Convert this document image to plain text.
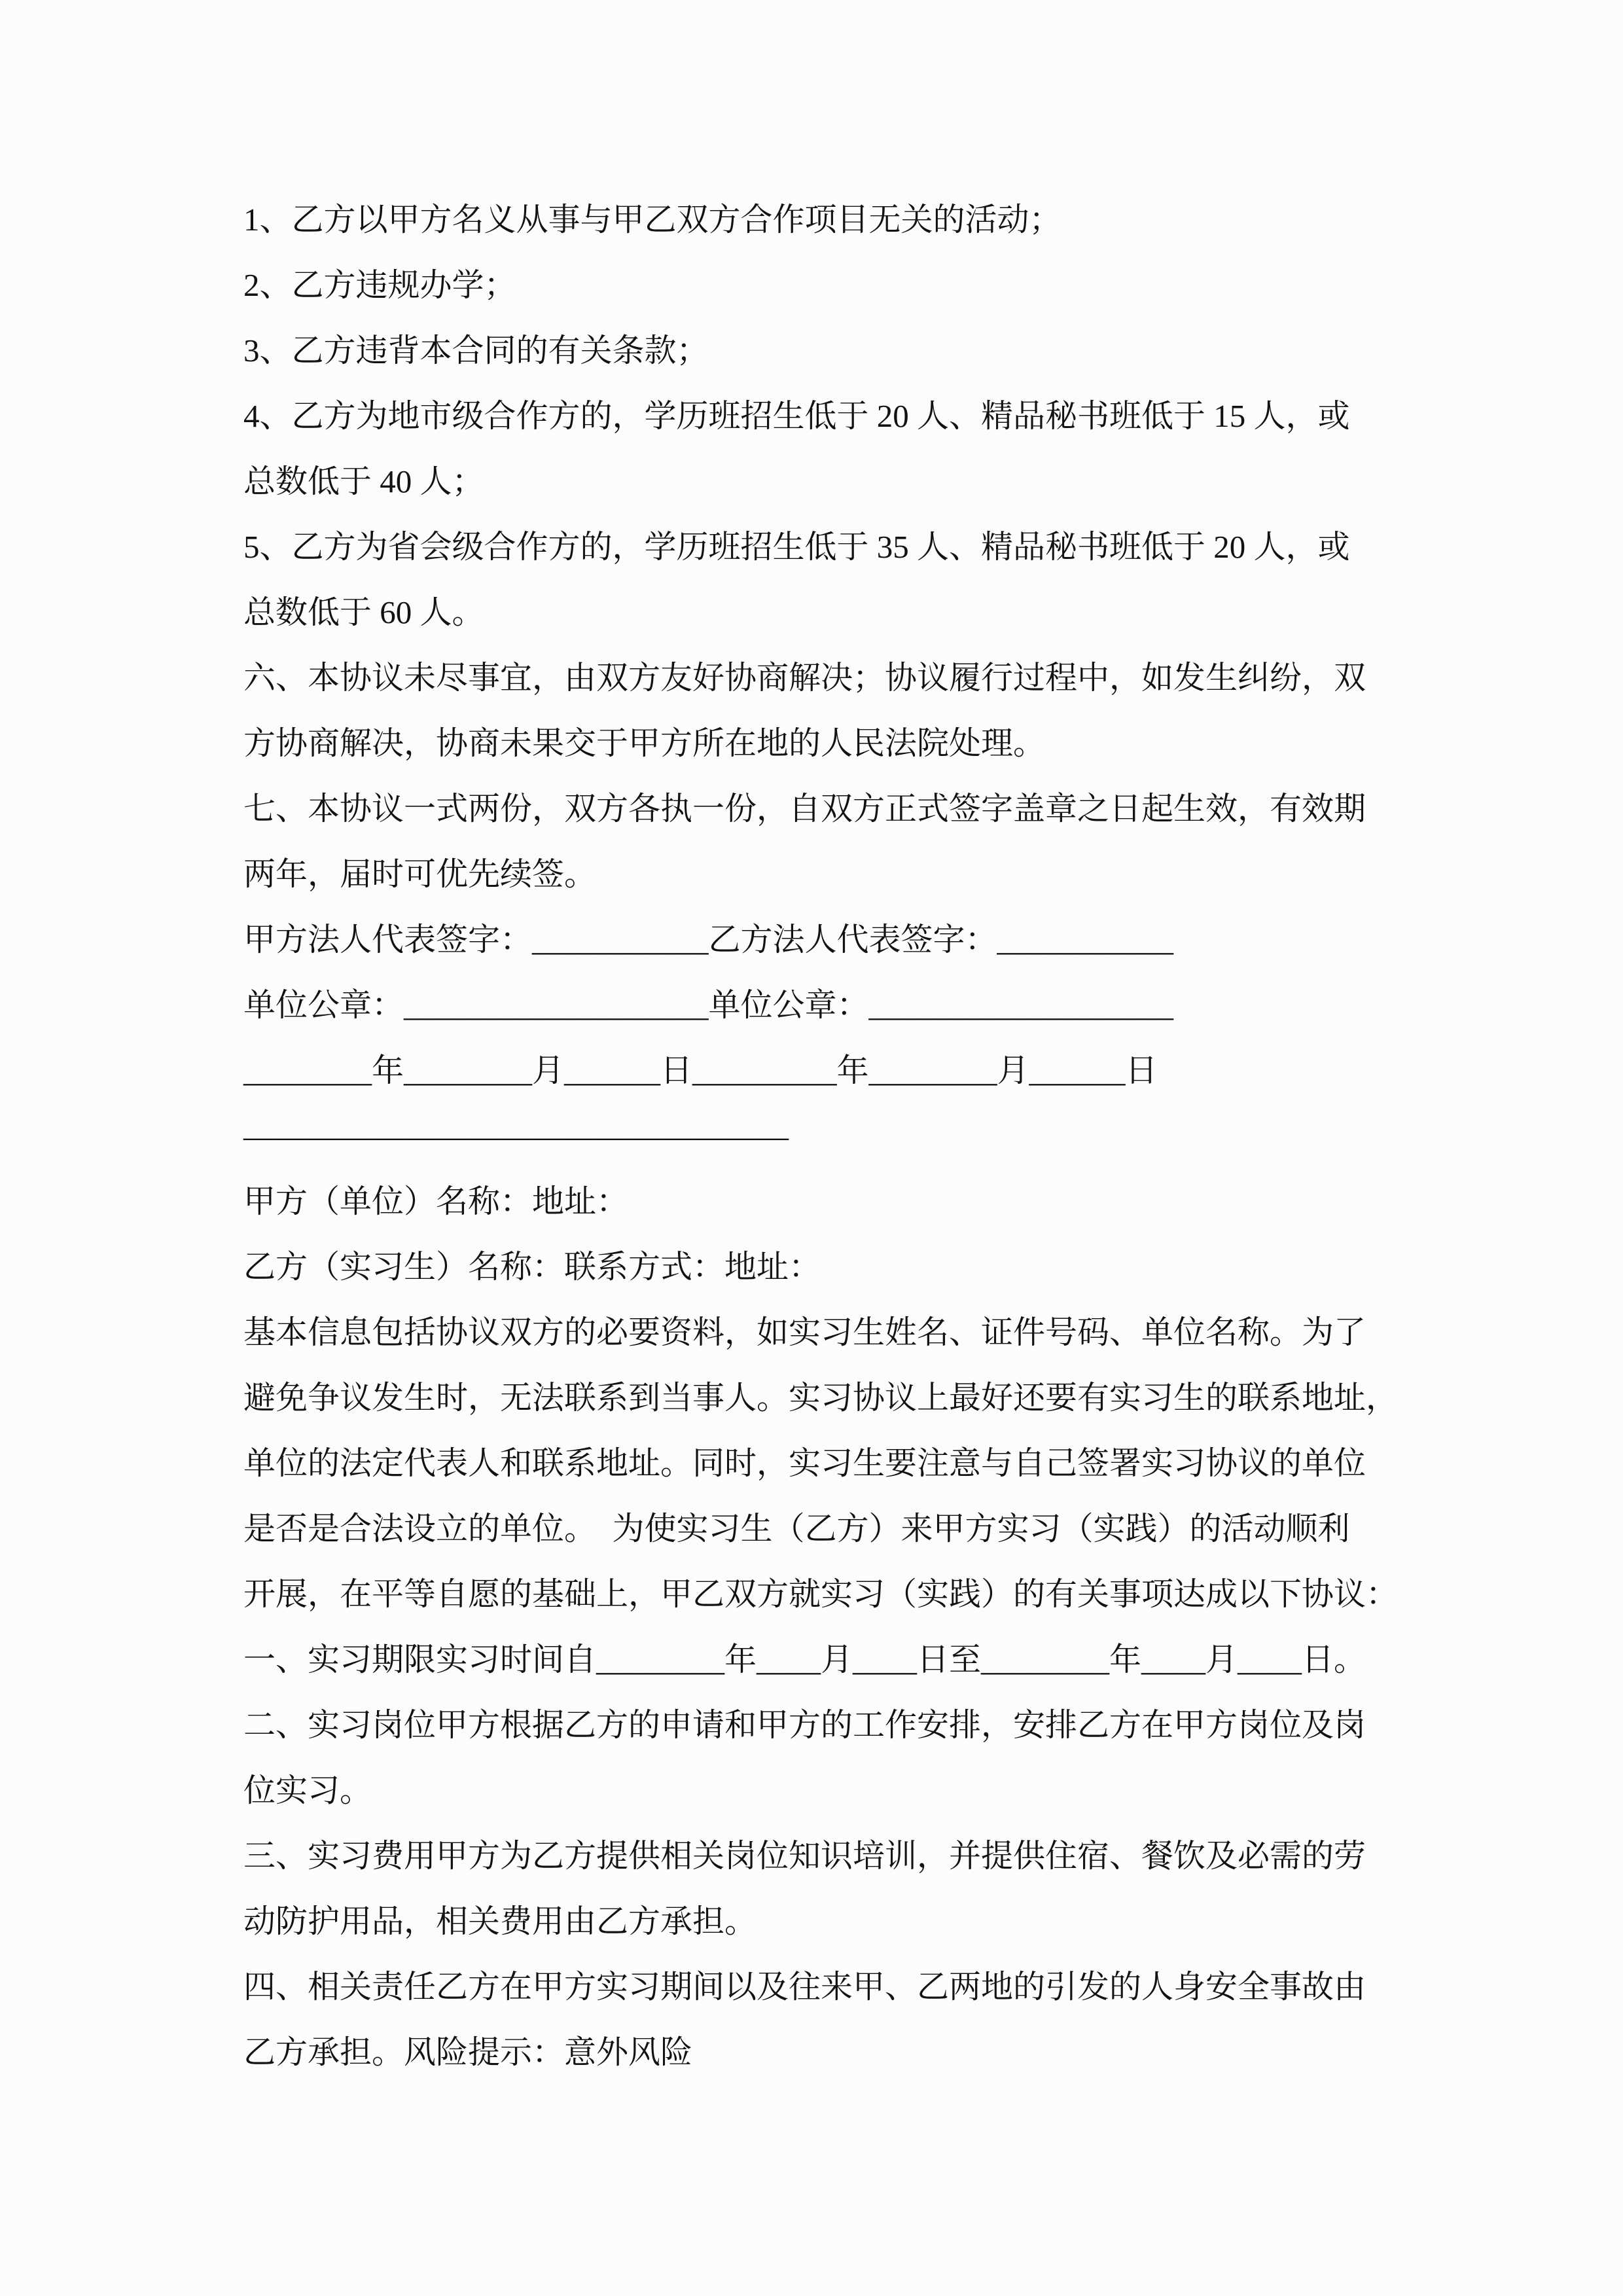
1、乙方以甲方名义从事与甲乙双方合作项目无关的活动；
2、乙方违规办学；
3、乙方违背本合同的有关条款；
4、乙方为地市级合作方的，学历班招生低于 20 人、精品秘书班低于 15 人，或
总数低于 40 人；
5、乙方为省会级合作方的，学历班招生低于 35 人、精品秘书班低于 20 人，或
总数低于 60 人。
六、本协议未尽事宜，由双方友好协商解决；协议履行过程中，如发生纠纷，双
方协商解决，协商未果交于甲方所在地的人民法院处理。
七、本协议一式两份，双方各执一份，自双方正式签字盖章之日起生效，有效期
两年，届时可优先续签。
甲方法人代表签字：___________乙方法人代表签字：___________
单位公章：___________________单位公章：___________________
________年________月______日_________年________月______日
—————————————————
甲方（单位）名称：地址：
乙方（实习生）名称：联系方式：地址：
基本信息包括协议双方的必要资料，如实习生姓名、证件号码、单位名称。为了
避免争议发生时，无法联系到当事人。实习协议上最好还要有实习生的联系地址，
单位的法定代表人和联系地址。同时，实习生要注意与自己签署实习协议的单位
是否是合法设立的单位。　为使实习生（乙方）来甲方实习（实践）的活动顺利
开展，在平等自愿的基础上，甲乙双方就实习（实践）的有关事项达成以下协议：
一、实习期限实习时间自________年____月____日至________年____月____日。
二、实习岗位甲方根据乙方的申请和甲方的工作安排，安排乙方在甲方岗位及岗
位实习。
三、实习费用甲方为乙方提供相关岗位知识培训，并提供住宿、餐饮及必需的劳
动防护用品，相关费用由乙方承担。
四、相关责任乙方在甲方实习期间以及往来甲、乙两地的引发的人身安全事故由
乙方承担。风险提示：意外风险
